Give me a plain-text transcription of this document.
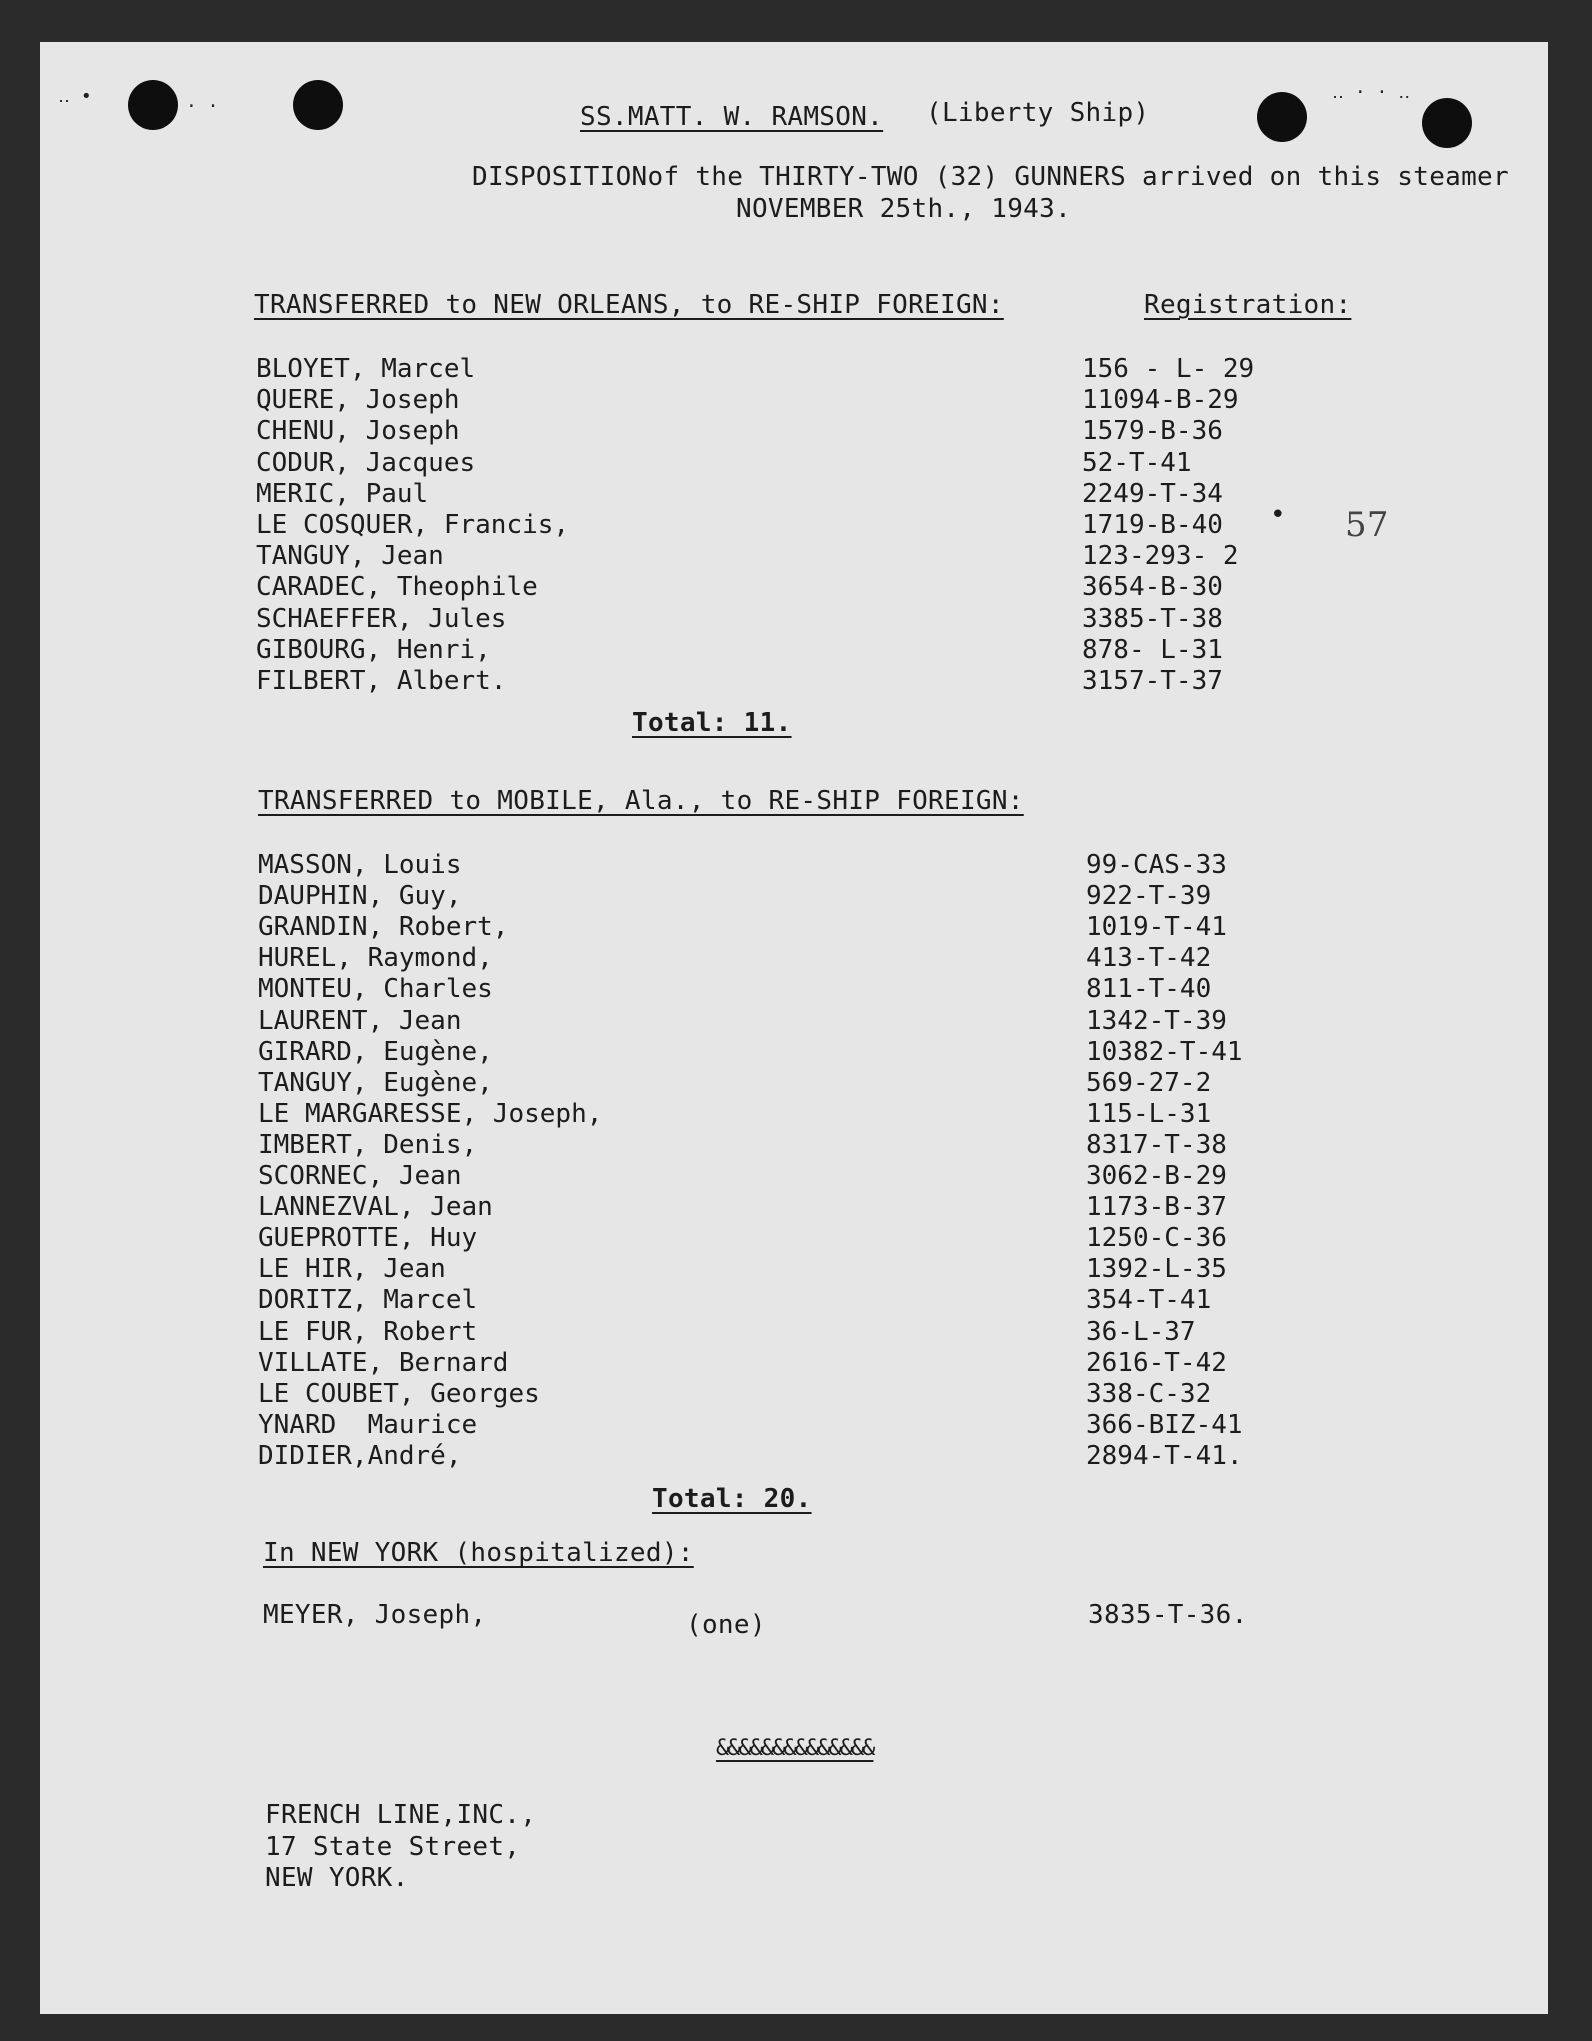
‥ •	· ·
‥ · · ‥
SS.MATT. W. RAMSON. (Liberty Ship)
DISPOSITIONof the THIRTY-TWO (32) GUNNERS arrived on this steamer
NOVEMBER 25th., 1943.
TRANSFERRED to NEW ORLEANS, to RE-SHIP FOREIGN:	Registration:
57
•
BLOYET, Marcel	156 - L- 29
QUERE, Joseph	11094-B-29
CHENU, Joseph	1579-B-36
CODUR, Jacques	52-T-41
MERIC, Paul	2249-T-34
LE COSQUER, Francis,	1719-B-40
TANGUY, Jean	123-293- 2
CARADEC, Theophile	3654-B-30
SCHAEFFER, Jules	3385-T-38
GIBOURG, Henri,	878- L-31
FILBERT, Albert.	3157-T-37
Total: 11.
TRANSFERRED to MOBILE, Ala., to RE-SHIP FOREIGN:
MASSON, Louis	99-CAS-33
DAUPHIN, Guy,	922-T-39
GRANDIN, Robert,	1019-T-41
HUREL, Raymond,	413-T-42
MONTEU, Charles	811-T-40
LAURENT, Jean	1342-T-39
GIRARD, Eugène,	10382-T-41
TANGUY, Eugène,	569-27-2
LE MARGARESSE, Joseph,	115-L-31
IMBERT, Denis,	8317-T-38
SCORNEC, Jean	3062-B-29
LANNEZVAL, Jean	1173-B-37
GUEPROTTE, Huy	1250-C-36
LE HIR, Jean	1392-L-35
DORITZ, Marcel	354-T-41
LE FUR, Robert	36-L-37
VILLATE, Bernard	2616-T-42
LE COUBET, Georges	338-C-32
YNARD  Maurice	366-BIZ-41
DIDIER,André,	2894-T-41.
Total: 20.
In NEW YORK (hospitalized):
MEYER, Joseph,	(one)	3835-T-36.
&&&&&&&&&&&&&&
FRENCH LINE,INC.,
17 State Street,
NEW YORK.
